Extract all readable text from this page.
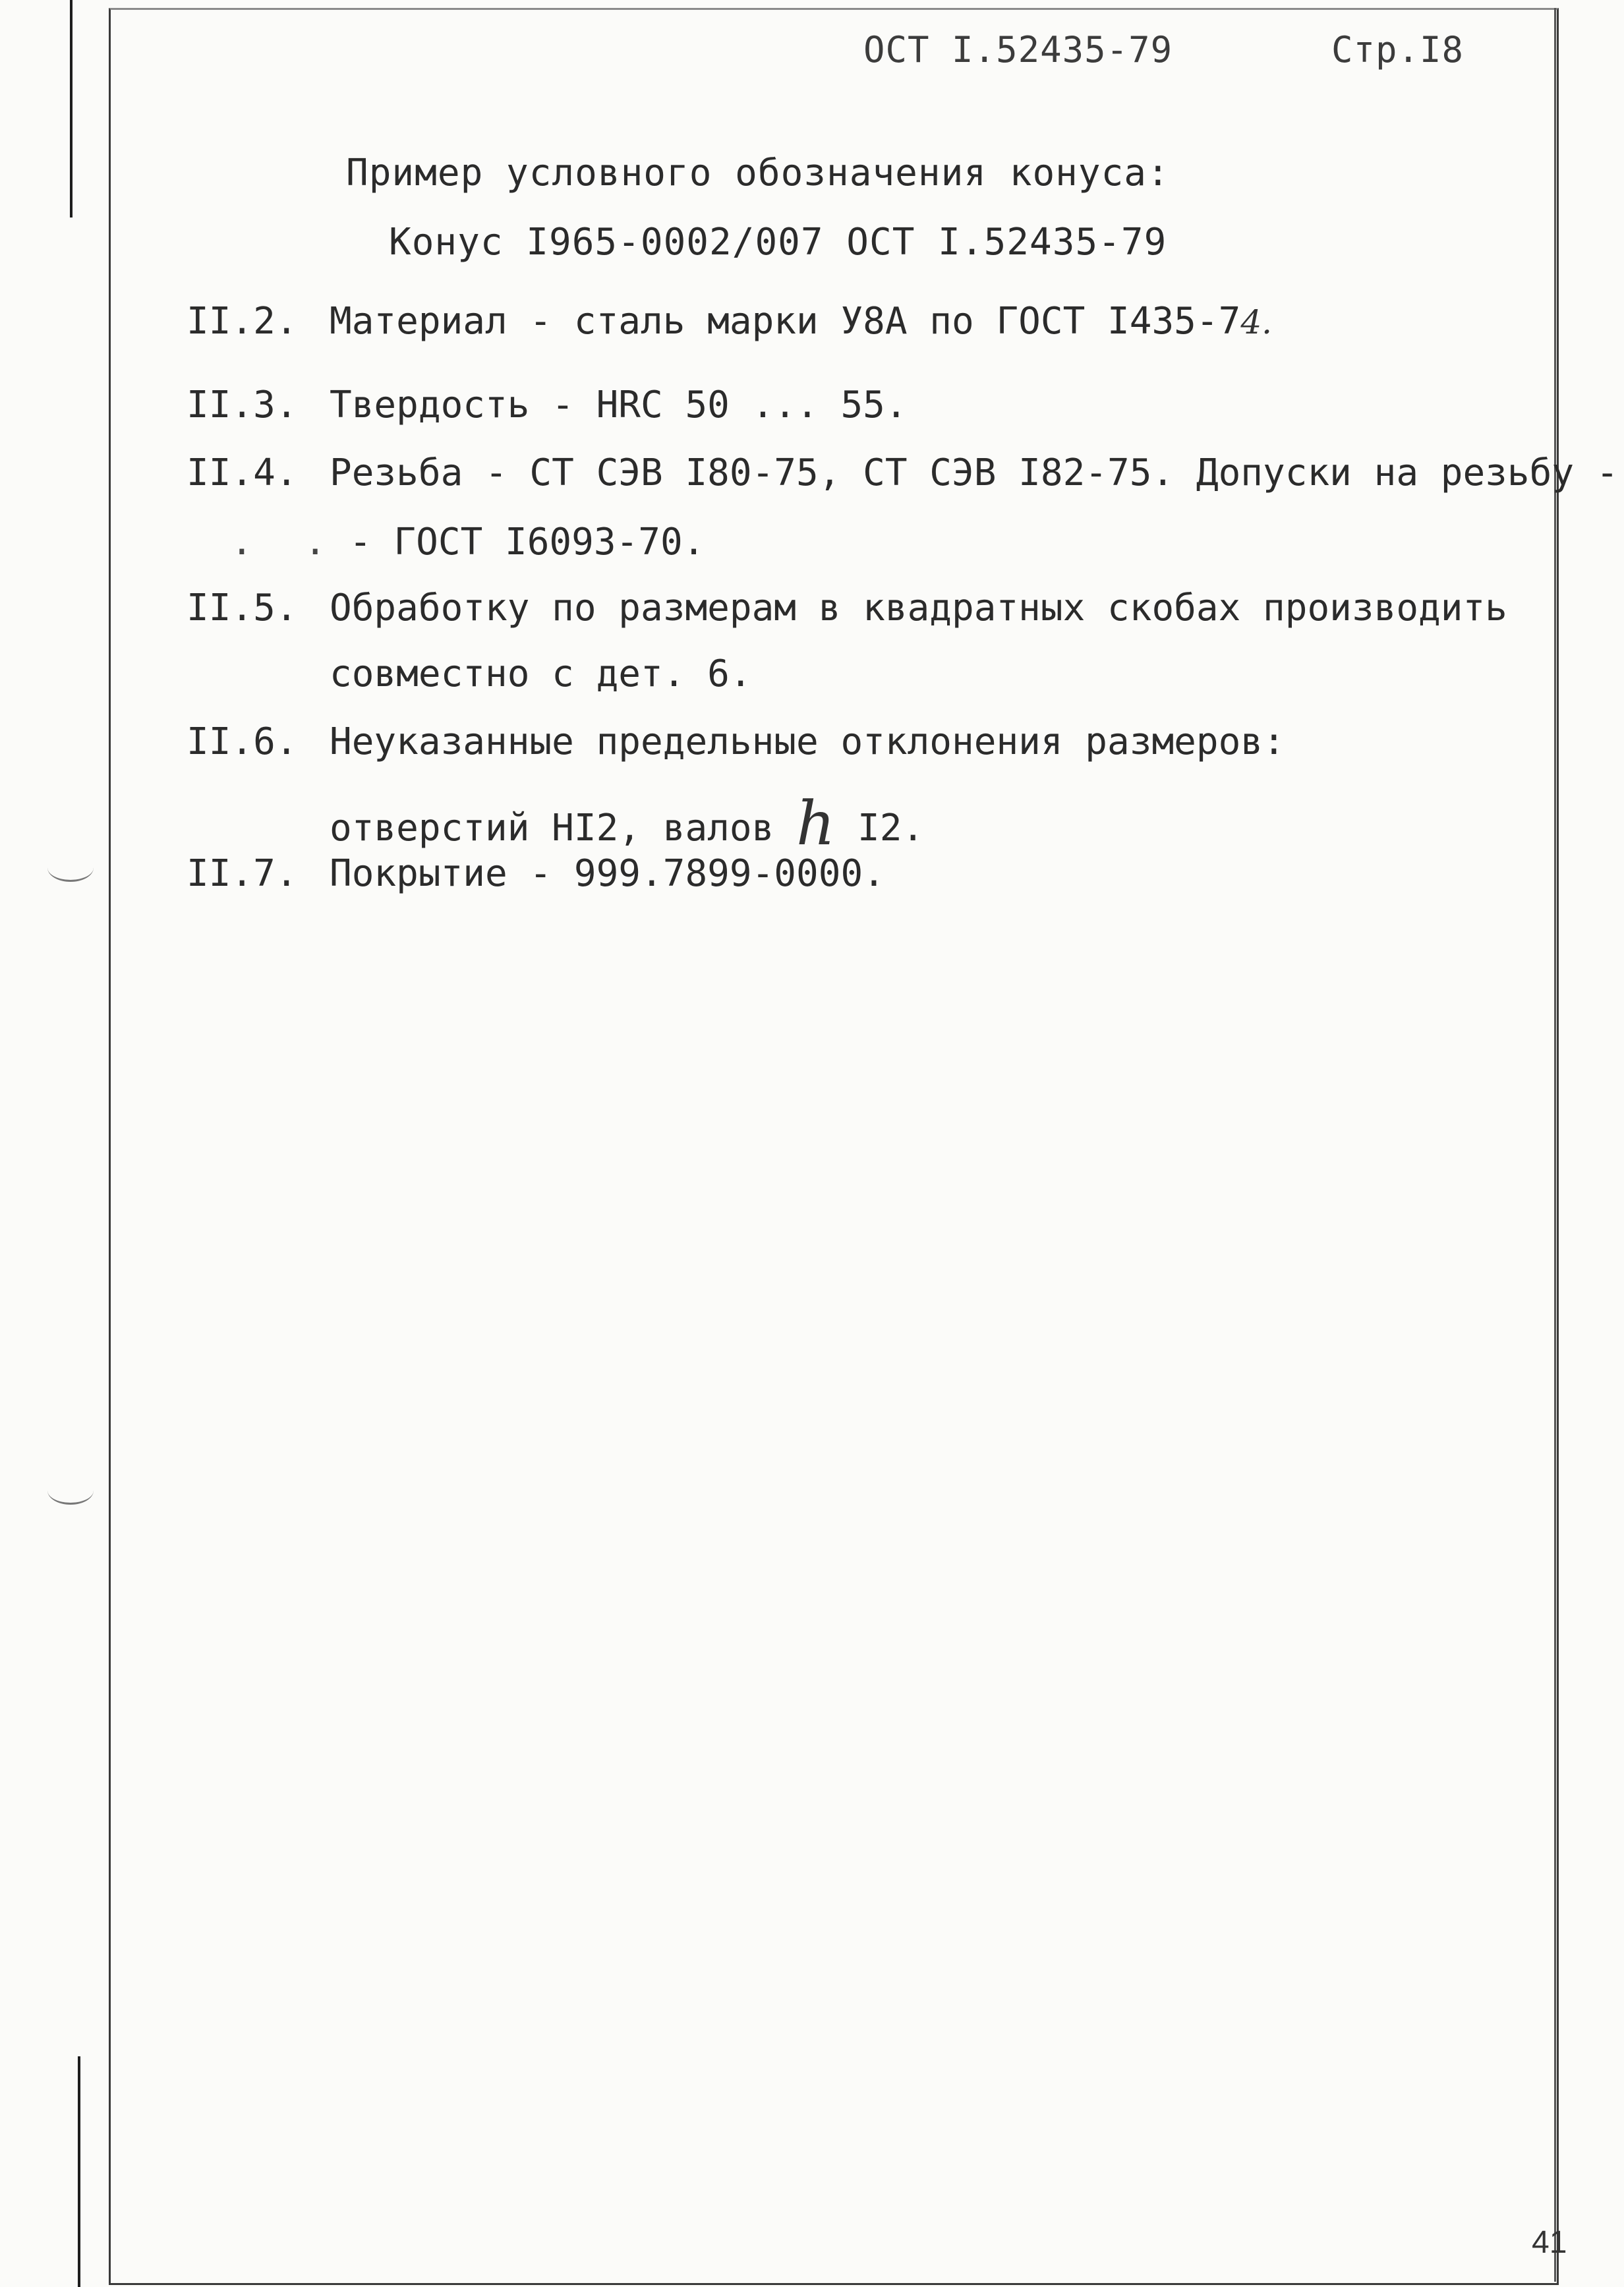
ОСТ I.52435-79	Стр.I8
Пример условного обозначения конуса:
Конус I965-0002/007 ОСТ I.52435-79
II.2. Материал - сталь марки У8А по ГОСТ I435-74.
II.3. Твердость - HRC 50 ... 55.
II.4. Резьба - СТ СЭВ I80-75, СТ СЭВ I82-75. Допуски на резьбу -
. . - ГОСТ I6093-70.
II.5. Обработку по размерам в квадратных скобах производить
совместно с дет. 6.
II.6. Неуказанные предельные отклонения размеров:
отверстий HI2, валов h I2.
II.7. Покрытие - 999.7899-0000.
41
